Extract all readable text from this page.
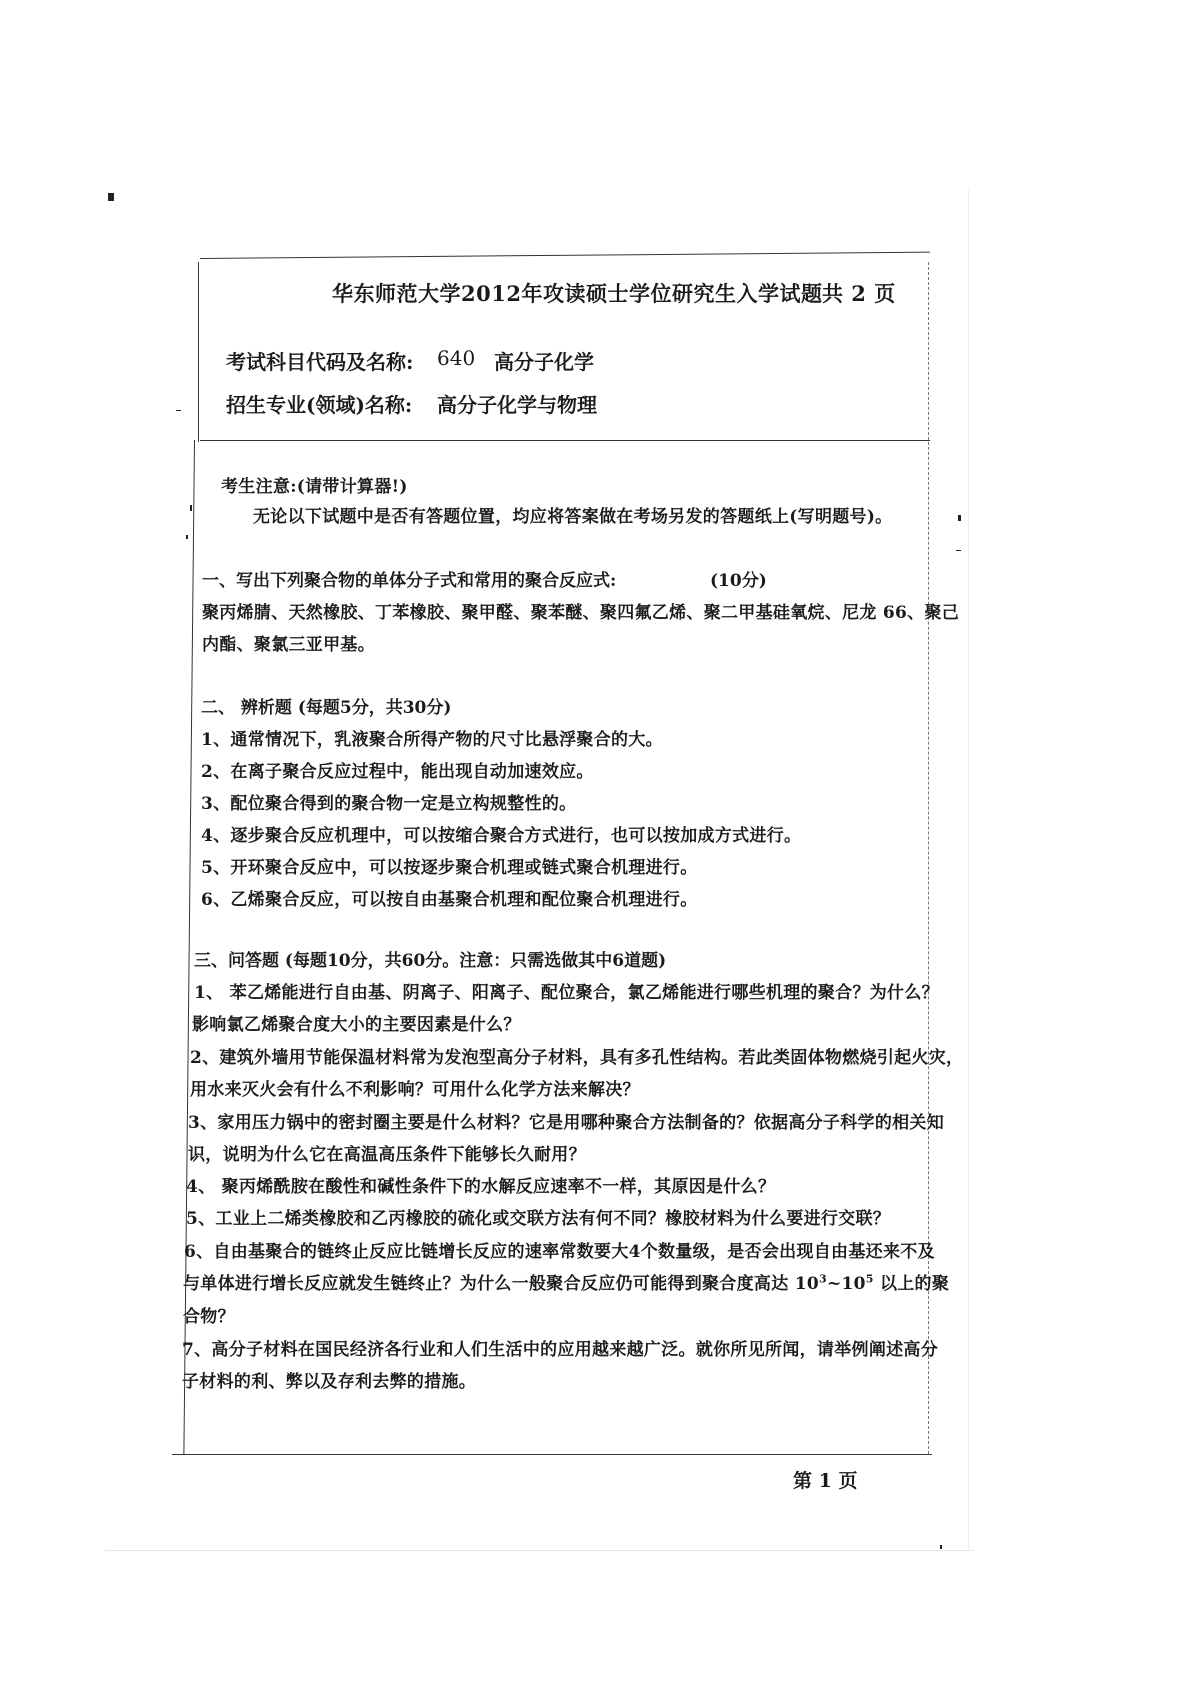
华东师范大学2012年攻读硕士学位研究生入学试题 共 2 页
考试科目代码及名称: 640 高分子化学
招生专业(领域)名称: 高分子化学与物理
考生注意:(请带计算器!)
无论以下试题中是否有答题位置，均应将答案做在考场另发的答题纸上(写明题号)。
一、写出下列聚合物的单体分子式和常用的聚合反应式:	(10分)
聚丙烯腈、天然橡胶、丁苯橡胶、聚甲醛、聚苯醚、聚四氟乙烯、聚二甲基硅氧烷、尼龙 66、聚己
内酯、聚氯三亚甲基。
二、 辨析题 (每题5分，共30分)
1、通常情况下，乳液聚合所得产物的尺寸比悬浮聚合的大。
2、在离子聚合反应过程中，能出现自动加速效应。
3、配位聚合得到的聚合物一定是立构规整性的。
4、逐步聚合反应机理中，可以按缩合聚合方式进行，也可以按加成方式进行。
5、开环聚合反应中，可以按逐步聚合机理或链式聚合机理进行。
6、乙烯聚合反应，可以按自由基聚合机理和配位聚合机理进行。
三、问答题 (每题10分，共60分。注意：只需选做其中6道题)
1、 苯乙烯能进行自由基、阴离子、阳离子、配位聚合，氯乙烯能进行哪些机理的聚合？为什么？
影响氯乙烯聚合度大小的主要因素是什么？
2、建筑外墙用节能保温材料常为发泡型高分子材料，具有多孔性结构。若此类固体物燃烧引起火灾，
用水来灭火会有什么不利影响？可用什么化学方法来解决？
3、家用压力锅中的密封圈主要是什么材料？它是用哪种聚合方法制备的？依据高分子科学的相关知
识，说明为什么它在高温高压条件下能够长久耐用？
4、 聚丙烯酰胺在酸性和碱性条件下的水解反应速率不一样，其原因是什么？
5、工业上二烯类橡胶和乙丙橡胶的硫化或交联方法有何不同？橡胶材料为什么要进行交联？
6、自由基聚合的链终止反应比链增长反应的速率常数要大4个数量级，是否会出现自由基还来不及
与单体进行增长反应就发生链终止？为什么一般聚合反应仍可能得到聚合度高达 $10^3\sim 10^5$ 以上的聚
合物？
7、高分子材料在国民经济各行业和人们生活中的应用越来越广泛。就你所见所闻，请举例阐述高分
子材料的利、弊以及存利去弊的措施。
第 1 页
